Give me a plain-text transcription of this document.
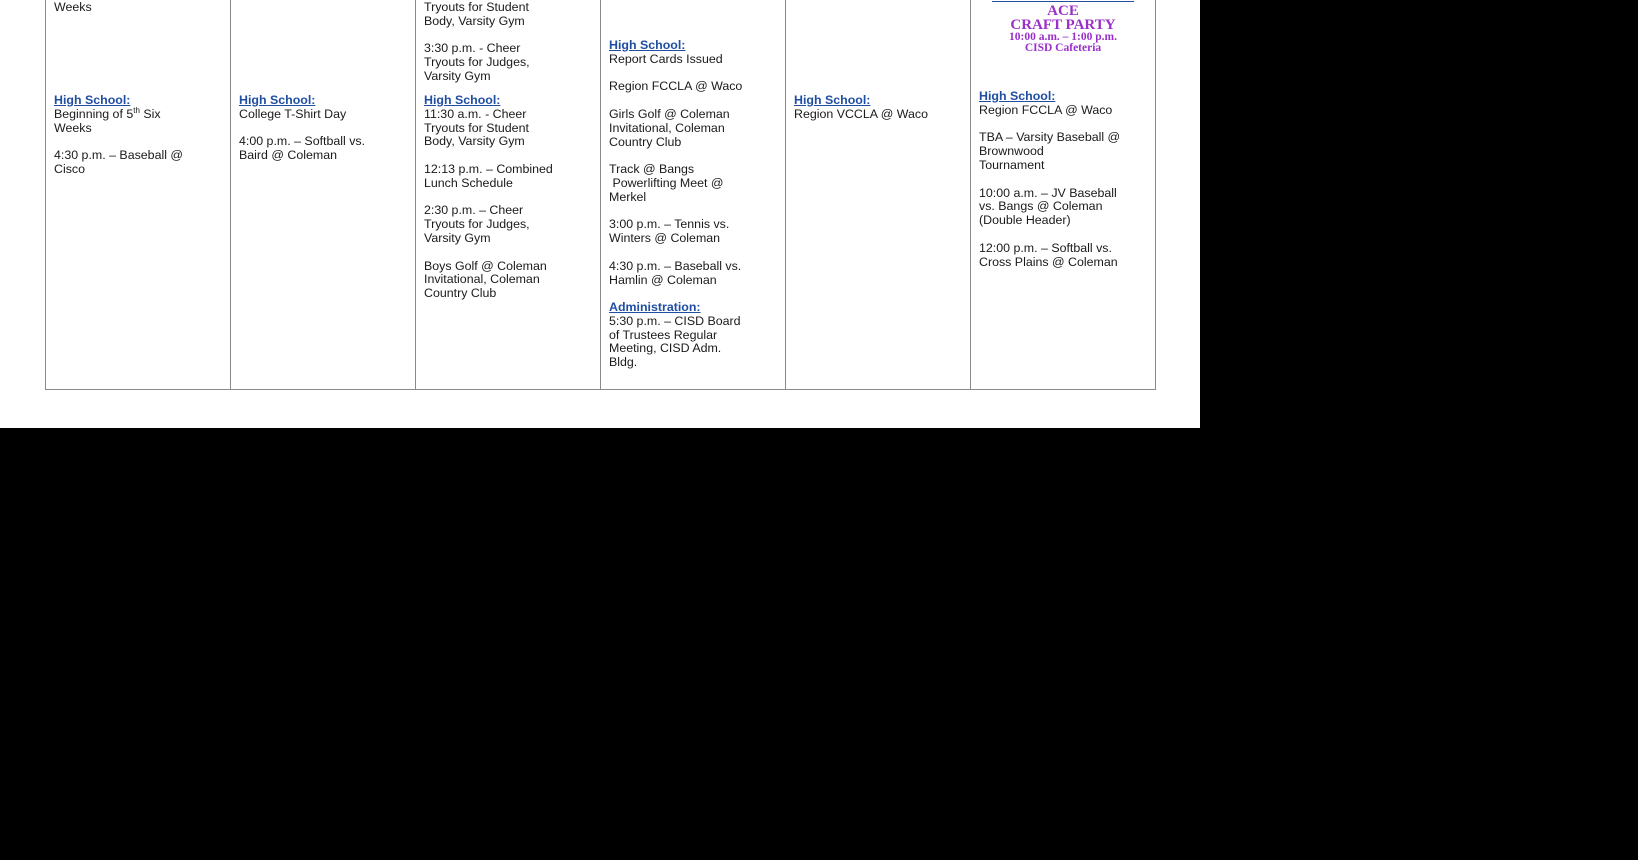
Weeks
High School:
Beginning of 5th Six
Weeks
4:30 p.m. – Baseball @
Cisco

High School:
College T-Shirt Day
4:00 p.m. – Softball vs.
Baird @ Coleman

Tryouts for Student
Body, Varsity Gym
3:30 p.m. - Cheer
Tryouts for Judges,
Varsity Gym
High School:
11:30 a.m. - Cheer
Tryouts for Student
Body, Varsity Gym
12:13 p.m. – Combined
Lunch Schedule
2:30 p.m. – Cheer
Tryouts for Judges,
Varsity Gym
Boys Golf @ Coleman
Invitational, Coleman
Country Club

High School:
Report Cards Issued
Region FCCLA @ Waco
Girls Golf @ Coleman
Invitational, Coleman
Country Club
Track @ Bangs
Powerlifting Meet @
Merkel
3:00 p.m. – Tennis vs.
Winters @ Coleman
4:30 p.m. – Baseball vs.
Hamlin @ Coleman
Administration:
5:30 p.m. – CISD Board
of Trustees Regular
Meeting, CISD Adm.
Bldg.

High School:
Region VCCLA @ Waco

ACE
CRAFT PARTY
10:00 a.m. – 1:00 p.m.
CISD Cafeteria
High School:
Region FCCLA @ Waco
TBA – Varsity Baseball @
Brownwood
Tournament
10:00 a.m. – JV Baseball
vs. Bangs @ Coleman
(Double Header)
12:00 p.m. – Softball vs.
Cross Plains @ Coleman
